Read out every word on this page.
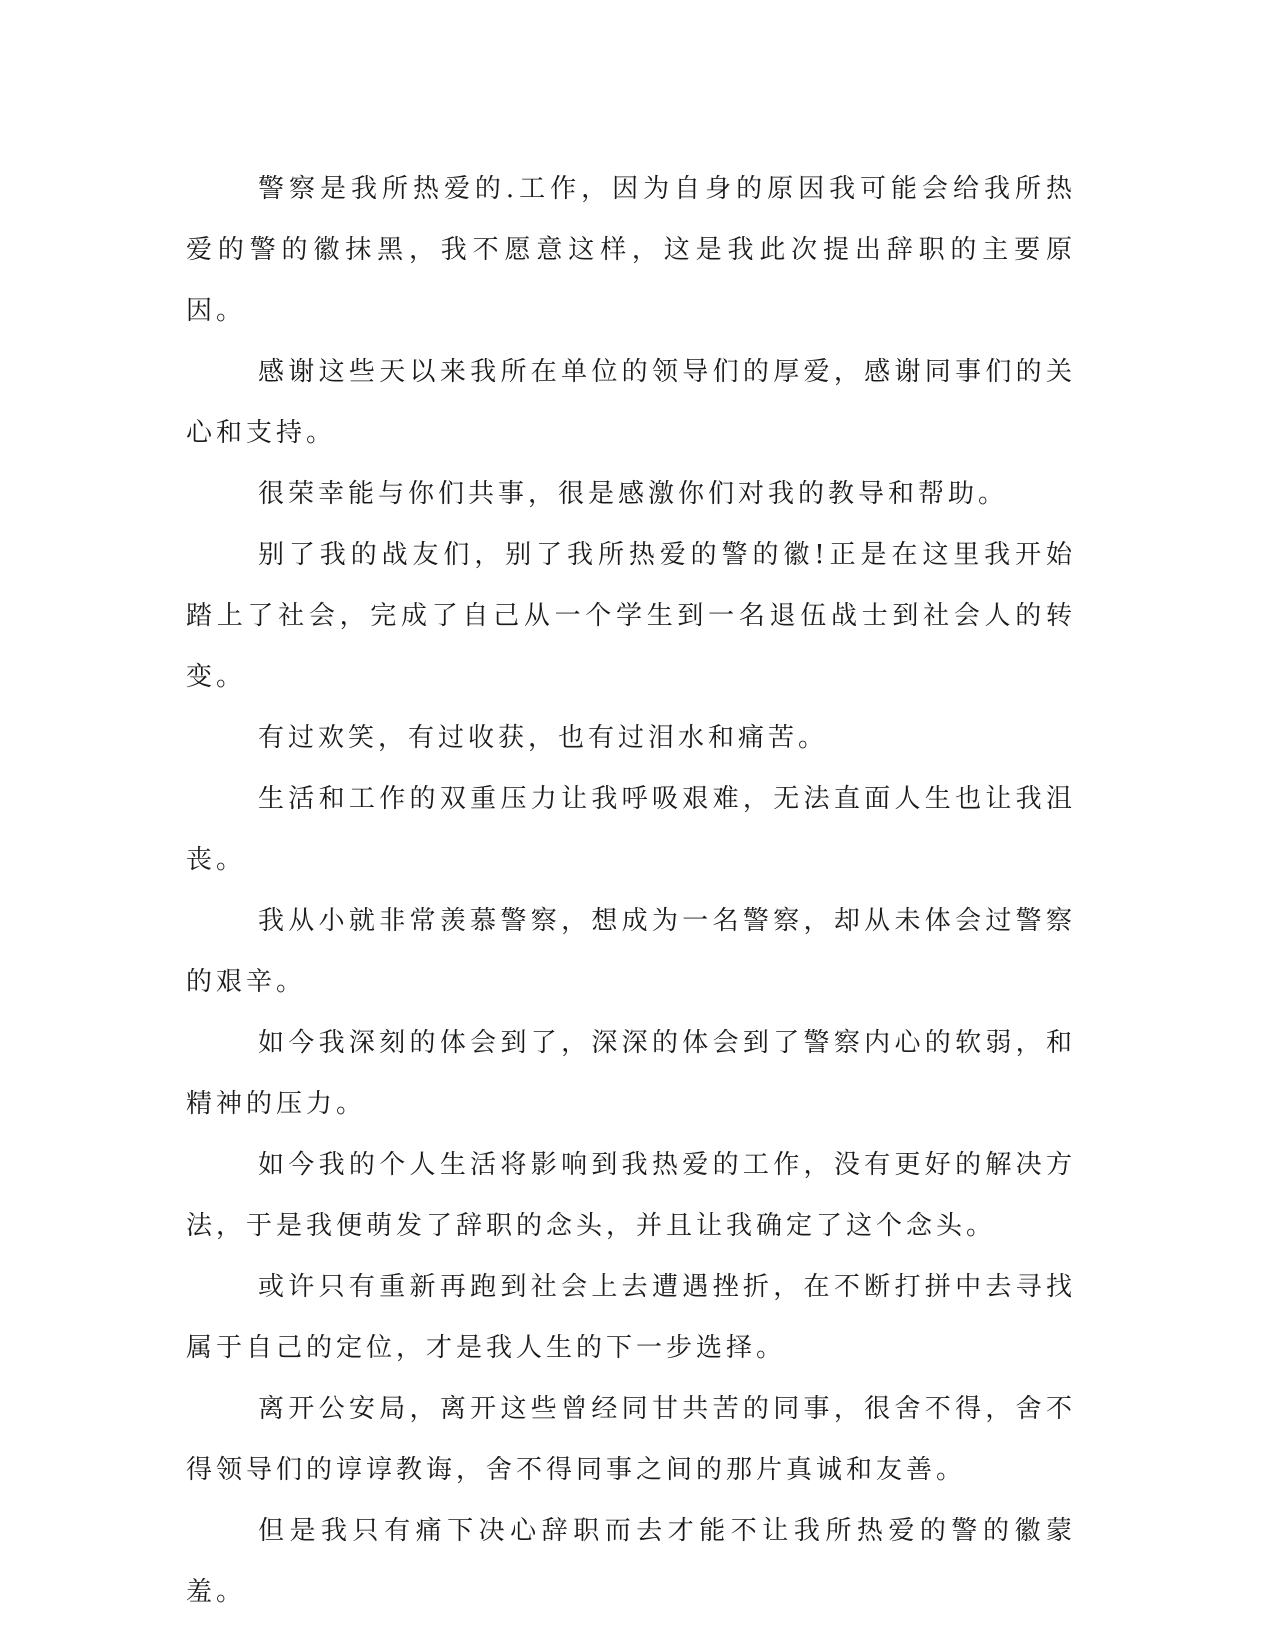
警察是我所热爱的.工作，因为自身的原因我可能会给我所热爱的警的徽抹黑，我不愿意这样，这是我此次提出辞职的主要原因。

感谢这些天以来我所在单位的领导们的厚爱，感谢同事们的关心和支持。

很荣幸能与你们共事，很是感激你们对我的教导和帮助。

别了我的战友们，别了我所热爱的警的徽!正是在这里我开始踏上了社会，完成了自己从一个学生到一名退伍战士到社会人的转变。

有过欢笑，有过收获，也有过泪水和痛苦。

生活和工作的双重压力让我呼吸艰难，无法直面人生也让我沮丧。

我从小就非常羡慕警察，想成为一名警察，却从未体会过警察的艰辛。

如今我深刻的体会到了，深深的体会到了警察内心的软弱，和精神的压力。

如今我的个人生活将影响到我热爱的工作，没有更好的解决方法，于是我便萌发了辞职的念头，并且让我确定了这个念头。

或许只有重新再跑到社会上去遭遇挫折，在不断打拼中去寻找属于自己的定位，才是我人生的下一步选择。

离开公安局，离开这些曾经同甘共苦的同事，很舍不得，舍不得领导们的谆谆教诲，舍不得同事之间的那片真诚和友善。

但是我只有痛下决心辞职而去才能不让我所热爱的警的徽蒙羞。
